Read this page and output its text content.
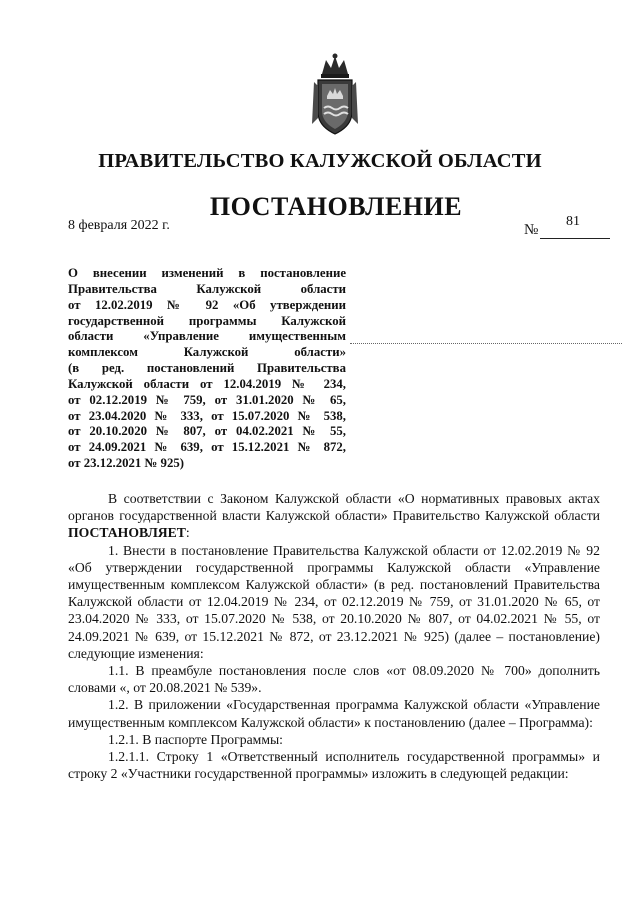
ПРАВИТЕЛЬСТВО КАЛУЖСКОЙ ОБЛАСТИ
ПОСТАНОВЛЕНИЕ
8 февраля 2022 г.	№
81
О внесении изменений в постановление
Правительства Калужской области
от 12.02.2019 № 92 «Об утверждении
государственной программы Калужской
области «Управление имущественным
комплексом Калужской области»
(в ред. постановлений Правительства
Калужской области от 12.04.2019 № 234,
от 02.12.2019 № 759, от 31.01.2020 № 65,
от 23.04.2020 № 333, от 15.07.2020 № 538,
от 20.10.2020 № 807, от 04.02.2021 № 55,
от 24.09.2021 № 639, от 15.12.2021 № 872,
от 23.12.2021 № 925)

В соответствии с Законом Калужской области «О нормативных правовых актах органов государственной власти Калужской области» Правительство Калужской области ПОСТАНОВЛЯЕТ:

1. Внести в постановление Правительства Калужской области от 12.02.2019 № 92 «Об утверждении государственной программы Калужской области «Управление имущественным комплексом Калужской области» (в ред. постановлений Правительства Калужской области от 12.04.2019 № 234, от 02.12.2019 № 759, от 31.01.2020 № 65, от 23.04.2020 № 333, от 15.07.2020 № 538, от 20.10.2020 № 807, от 04.02.2021 № 55, от 24.09.2021 № 639, от 15.12.2021 № 872, от 23.12.2021 № 925) (далее – постановление) следующие изменения:

1.1. В преамбуле постановления после слов «от 08.09.2020 № 700» дополнить словами «, от 20.08.2021 № 539».

1.2. В приложении «Государственная программа Калужской области «Управление имущественным комплексом Калужской области» к постановлению (далее – Программа):

1.2.1. В паспорте Программы:

1.2.1.1. Строку 1 «Ответственный исполнитель государственной программы» и строку 2 «Участники государственной программы» изложить в следующей редакции:
